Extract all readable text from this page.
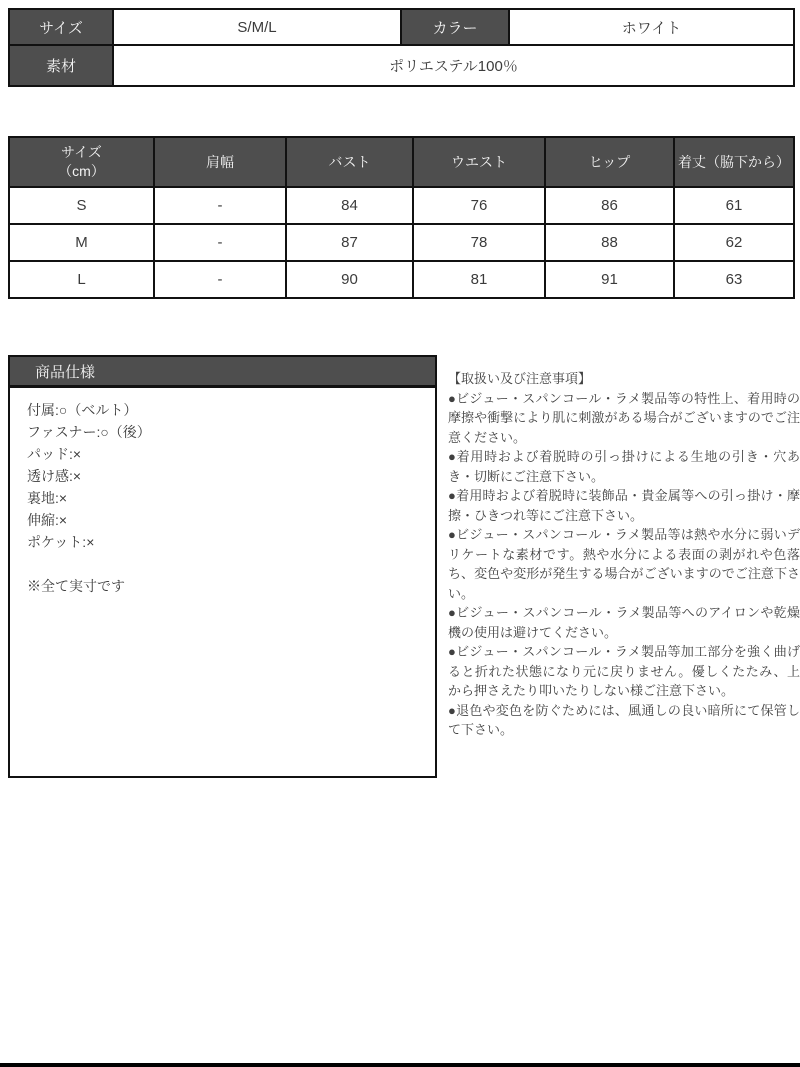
サイズ	S/M/L	カラー	ホワイト
素材	ポリエステル100％		
サイズ
（cm）	肩幅	バスト	ウエスト	ヒップ	着丈（脇下から）
S	-	84	76	86	61
M	-	87	78	88	62
L	-	90	81	91	63
商品仕様
付属:○（ベルト）
ファスナー:○（後）
パッド:×
透け感:×
裏地:×
伸縮:×
ポケット:×
※全て実寸です

【取扱い及び注意事項】

●ビジュー・スパンコール・ラメ製品等の特性上、着用時の摩擦や衝撃により肌に刺激がある場合がございますのでご注意ください。

●着用時および着脱時の引っ掛けによる生地の引き・穴あき・切断にご注意下さい。

●着用時および着脱時に装飾品・貴金属等への引っ掛け・摩擦・ひきつれ等にご注意下さい。

●ビジュー・スパンコール・ラメ製品等は熱や水分に弱いデリケートな素材です。熱や水分による表面の剥がれや色落ち、変色や変形が発生する場合がございますのでご注意下さい。

●ビジュー・スパンコール・ラメ製品等へのアイロンや乾燥機の使用は避けてください。

●ビジュー・スパンコール・ラメ製品等加工部分を強く曲げると折れた状態になり元に戻りません。優しくたたみ、上から押さえたり叩いたりしない様ご注意下さい。

●退色や変色を防ぐためには、風通しの良い暗所にて保管して下さい。
